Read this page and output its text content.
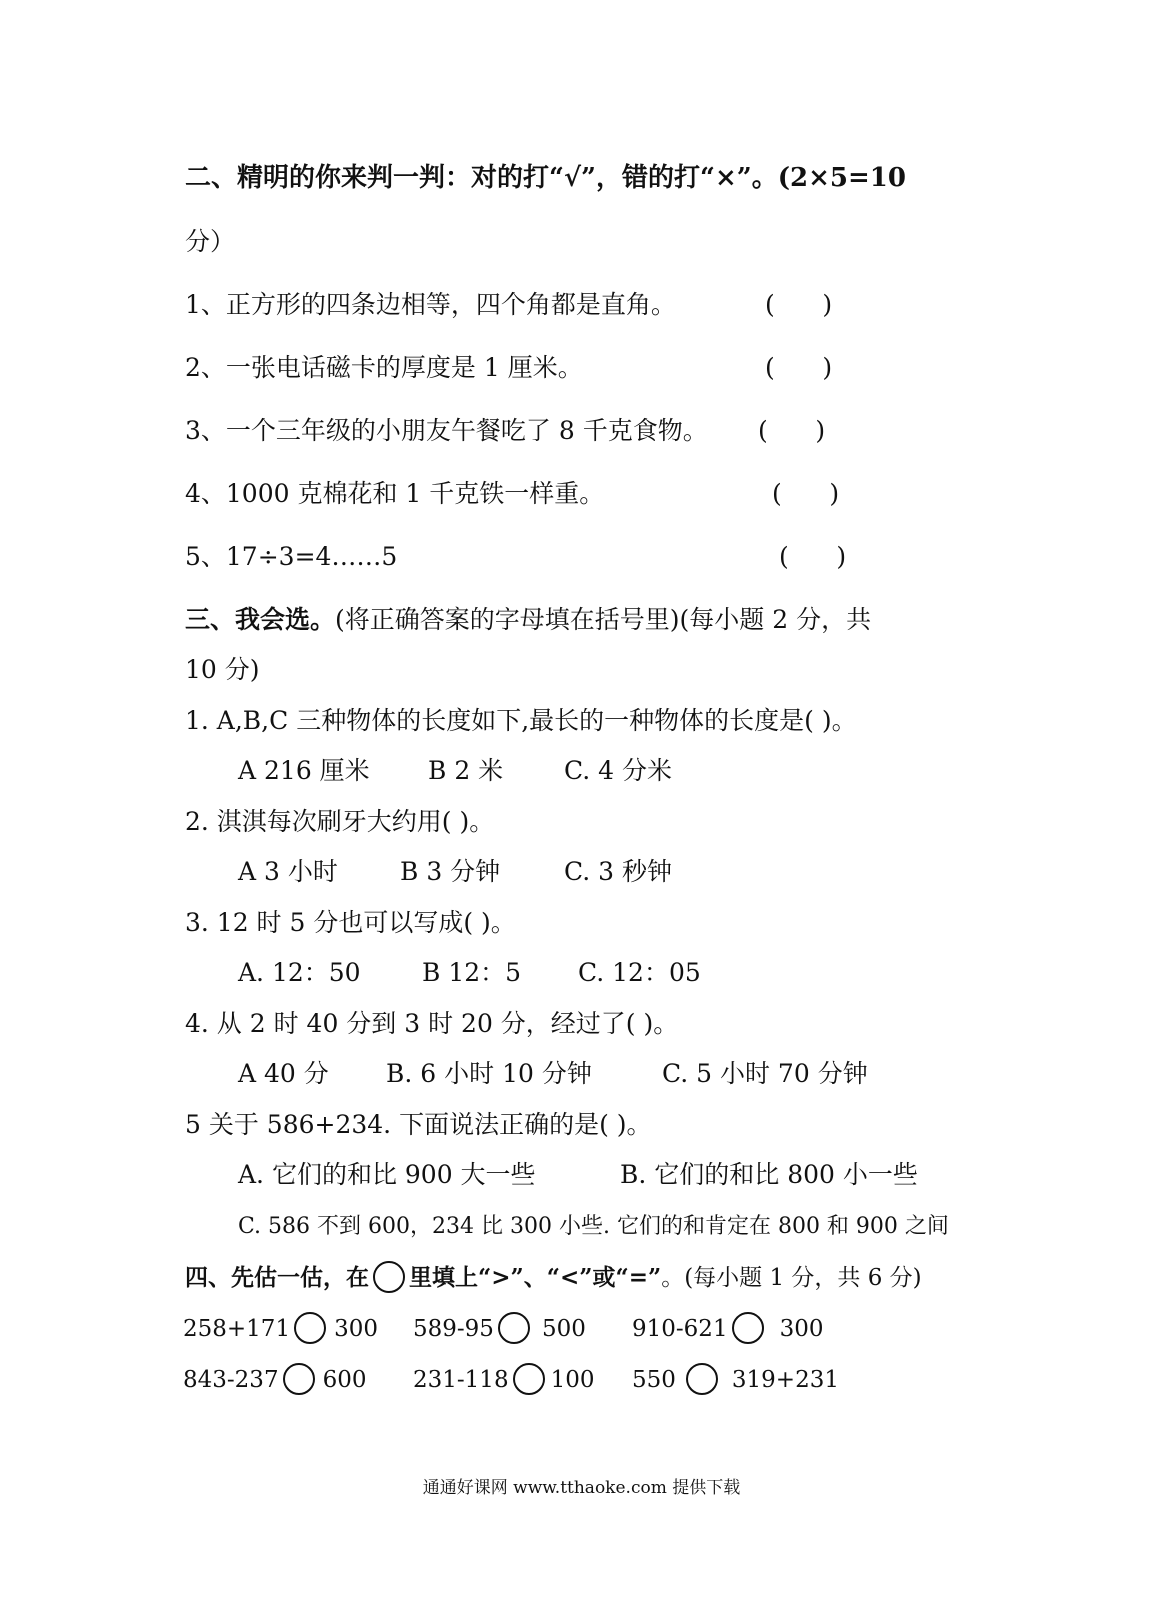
二、精明的你来判一判：对的打“√”，错的打“×”。(2×5=10
分）
1、正方形的四条边相等，四个角都是直角。	(      )
2、一张电话磁卡的厚度是 1 厘米。	(      )
3、一个三年级的小朋友午餐吃了 8 千克食物。 (      )
4、1000 克棉花和 1 千克铁一样重。	(      )
5、17÷3=4……5	(      )
三、我会选。(将正确答案的字母填在括号里)(每小题 2 分，共
10 分)
1. A,B,C 三种物体的长度如下,最长的一种物体的长度是( )。
A 216 厘米 B 2 米 C. 4 分米
2. 淇淇每次刷牙大约用( )。
A 3 小时 B 3 分钟	C. 3 秒钟
3. 12 时 5 分也可以写成( )。
A. 12：50 B 12：5 C. 12：05
4. 从 2 时 40 分到 3 时 20 分，经过了( )。
A 40 分 B. 6 小时 10 分钟	C. 5 小时 70 分钟
5 关于 586+234. 下面说法正确的是( )。
A. 它们的和比 900 大一些	B. 它们的和比 800 小一些
C. 586 不到 600，234 比 300 小些. 它们的和肯定在 800 和 900 之间
四、先估一估，在 里填上“>”、“<”或“=”。(每小题 1 分，共 6 分)
258+171 300 589-95 500 910-621 300
843-237 600 231-118 100 550 319+231
通通好课网 www.tthaoke.com 提供下载
